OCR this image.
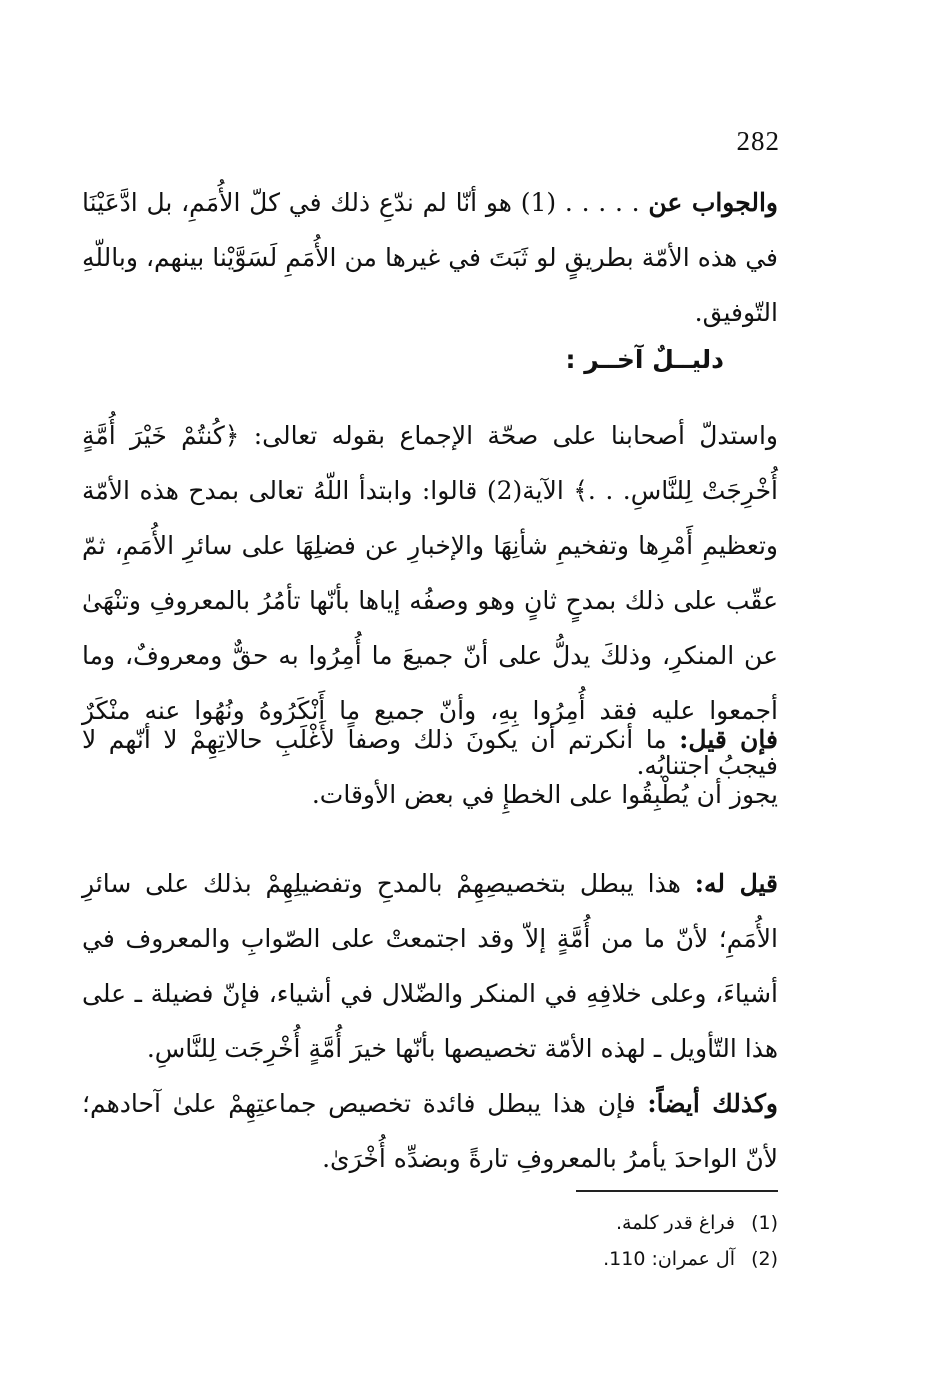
282

والجواب عن . . . . . (1) هو أنّا لم ندّعِ ذلك في كلّ الأُمَمِ، بل ادَّعَيْنَا في هذه الأمّة بطريقٍ لو ثَبَتَ في غيرها من الأُمَمِ لَسَوَّيْنا بينهم، وباللّهِ التّوفيق.

دليــلٌ آخــر :

واستدلّ أصحابنا على صحّة الإجماع بقوله تعالى: ﴿كُنتُمْ خَيْرَ أُمَّةٍ أُخْرِجَتْ لِلنَّاسِ. . .﴾ الآية(2) قالوا: وابتدأ اللّهُ تعالى بمدح هذه الأمّة وتعظيمِ أَمْرِها وتفخيمِ شأنِهَا والإخبارِ عن فضلِهَا على سائرِ الأُمَمِ، ثمّ عقّب على ذلك بمدحٍ ثانٍ وهو وصفُه إياها بأنّها تأمُرُ بالمعروفِ وتنْهَىٰ عن المنكرِ، وذلكَ يدلُّ على أنّ جميعَ ما أُمِرُوا به حقٌّ ومعروفٌ، وما أجمعوا عليه فقد أُمِرُوا بِهِ، وأنّ جميع ما أَنْكَرُوهُ ونُهُوا عنه منْكَرٌ فيجبُ اجتنابُه.

فإن قيل: ما أنكرتم أن يكونَ ذلك وصفاً لأَغْلَبِ حالاتِهِمْ لا أنّهم لا يجوز أن يُطْبِقُوا على الخطإِ في بعض الأوقات.

قيل له: هذا يبطل بتخصيصِهِمْ بالمدحِ وتفضيلِهِمْ بذلك على سائرِ الأُمَمِ؛ لأنّ ما من أُمَّةٍ إلاّ وقد اجتمعتْ على الصّوابِ والمعروف في أشياءَ، وعلى خلافِهِ في المنكر والضّلال في أشياء، فإنّ فضيلة ـ على هذا التّأويل ـ لهذه الأمّة تخصيصها بأنّها خيرَ أُمَّةٍ أُخْرِجَت لِلنَّاسِ.

وكذلك أيضاً: فإن هذا يبطل فائدة تخصيص جماعتِهِمْ علىٰ آحادهم؛ لأنّ الواحدَ يأمرُ بالمعروفِ تارةً وبضدِّه أُخْرَىٰ.

(1) فراغ قدر كلمة.
(2) آل عمران: 110.
